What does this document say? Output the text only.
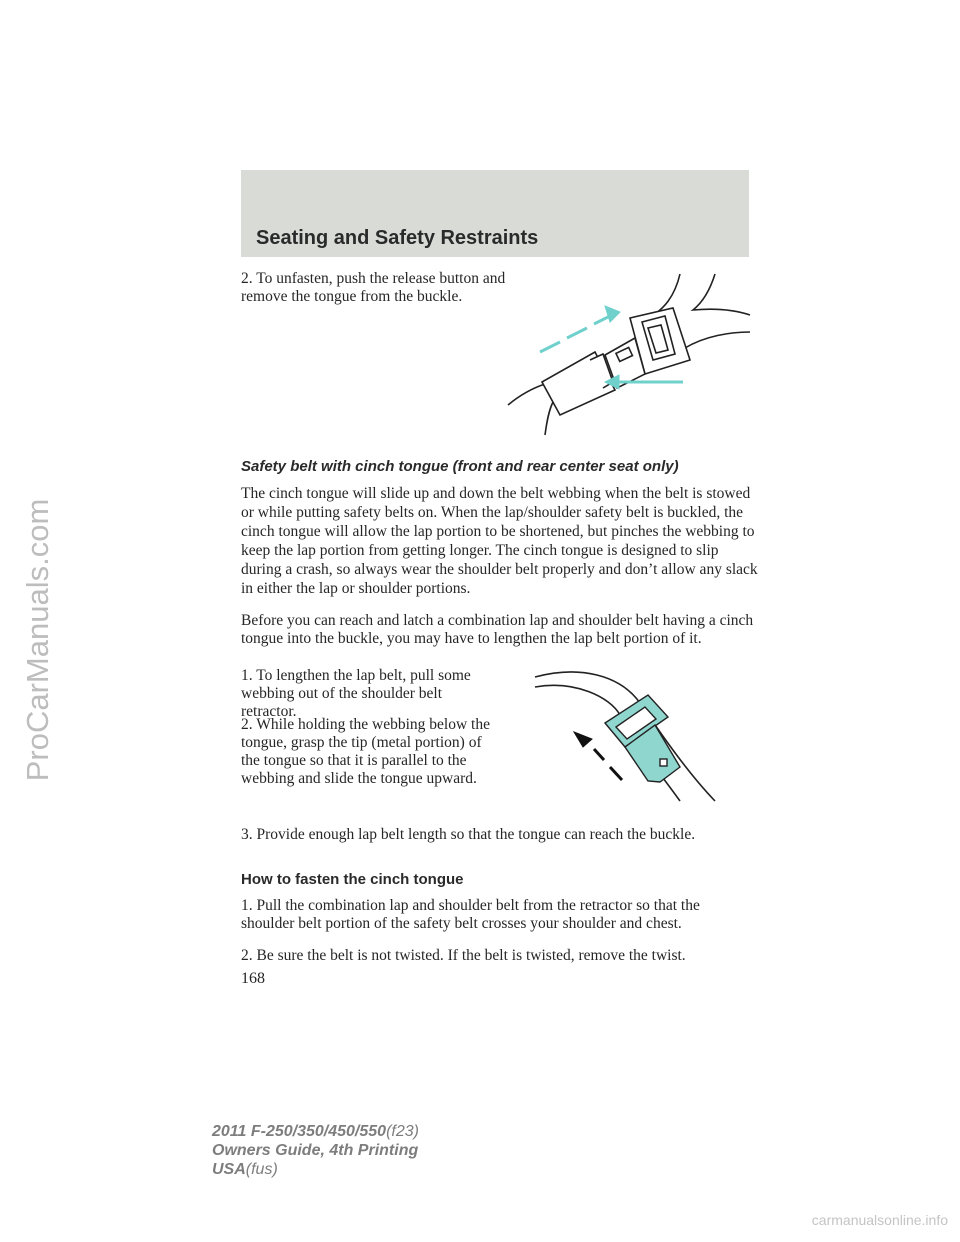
ProCarManuals.com
Seating and Safety Restraints

2. To unfasten, push the release button and remove the tongue from the buckle.

Safety belt with cinch tongue (front and rear center seat only)

The cinch tongue will slide up and down the belt webbing when the belt is stowed or while putting safety belts on. When the lap/shoulder safety belt is buckled, the cinch tongue will allow the lap portion to be shortened, but pinches the webbing to keep the lap portion from getting longer. The cinch tongue is designed to slip during a crash, so always wear the shoulder belt properly and don’t allow any slack in either the lap or shoulder portions.

Before you can reach and latch a combination lap and shoulder belt having a cinch tongue into the buckle, you may have to lengthen the lap belt portion of it.

1. To lengthen the lap belt, pull some webbing out of the shoulder belt retractor.

2. While holding the webbing below the tongue, grasp the tip (metal portion) of the tongue so that it is parallel to the webbing and slide the tongue upward.

3. Provide enough lap belt length so that the tongue can reach the buckle.

How to fasten the cinch tongue

1. Pull the combination lap and shoulder belt from the retractor so that the shoulder belt portion of the safety belt crosses your shoulder and chest.

2. Be sure the belt is not twisted. If the belt is twisted, remove the twist.

168
2011 F-250/350/450/550(f23)
Owners Guide, 4th Printing
USA(fus)
carmanualsonline.info
